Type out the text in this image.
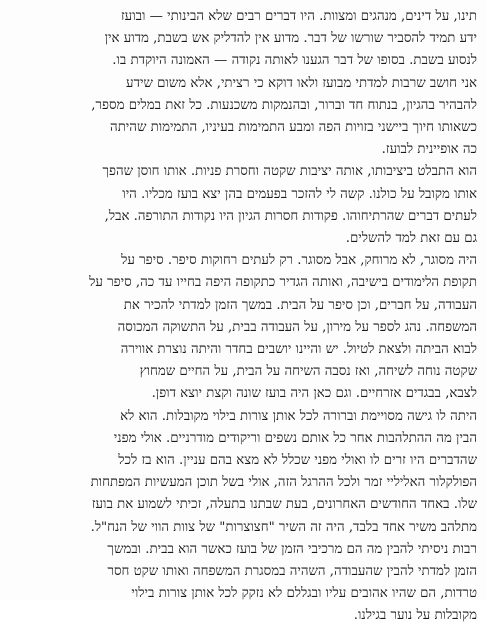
תינו, על דינים, מנהגים ומצוות. היו דברים רבים שלא הבינותי — ובועז
ידע תמיד להסביר שורשו של דבר. מדוע אין להדליק אש בשבת, מדוע אין
לנסוע בשבת. בסופו של דבר הגענו לאותה נקודה — האמונה היוקדת בו.
אני חושב שרבות למדתי מבועז ולאו דוקא כי רציתי, אלא משום שידע
להבהיר בהגיון, בנתוח חד וברור, ובהנמקות משכנעות. כל זאת במלים מספר,
כשאותו חיוך ביישני בזויות הפה ומבע התמימות בעיניו, התמימות שהיתה
כה אופיינית לבועז.
הוא התבלט ביציבותו, אותה יציבות שקטה וחסרת פניות. אותו חוסן שהפך
אותו מקובל על כולנו. קשה לי להזכר בפעמים בהן יצא בועז מכליו. היו
לעתים דברים שהרתיחוהו. פקודות חסרות הגיון היו נקודות התורפה. אבל,
גם עם זאת למד להשלים.
היה מסוגר, לא מרוחק, אבל מסוגר. רק לעתים רחוקות סיפר. סיפר על
תקופת הלימודים בישיבה, ואותה הגדיר כתקופה היפה בחייו עד כה, סיפר על
העבודה, על חברים, וכן סיפר על הבית. במשך הזמן למדתי להכיר את
המשפחה. נהג לספר על מירון, על העבודה בבית, על התשוקה המכוסה
לבוא הביתה ולצאת לטיול. יש והיינו יושבים בחדר והיתה נוצרת אווירה
שקטה נוחה לשיחה, ואז נסבה השיחה על הבית, על החיים שמחוץ
לצבא, בבגדים אזרחיים. וגם כאן היה בועז שונה וקצת יוצא דופן.
היתה לו גישה מסויימת וברורה לכל אותן צורות בילוי מקובלות. הוא לא
הבין מה ההתלהבות אחר כל אותם נשפים וריקודים מודרניים. אולי מפני
שהדברים היו זרים לו ואולי מפני שכלל לא מצא בהם עניין. הוא בז לכל
הפולקלור האליליי זמר ולכל ההרגל הזה, אולי בשל תוכן המעשיות המפתחות
שלו. באחד החודשים האחרונים, בעת שבתנו בתעלה, זכיתי לשמוע את בועז
מתלהב משיר אחד בלבד, היה זה השיר "חצוצרות" של צוות הווי של הנח"ל.
רבות ניסיתי להבין מה הם מרכיבי הזמן של בועז כאשר הוא בבית. ובמשך
הזמן למדתי להבין שהעבודה, השהיה במסגרת המשפחה ואותו שקט חסר
טרדות, הם שהיו אהובים עליו ובגללם לא נזקק לכל אותן צורות בילוי
מקובלות על נוער בגילנו.
